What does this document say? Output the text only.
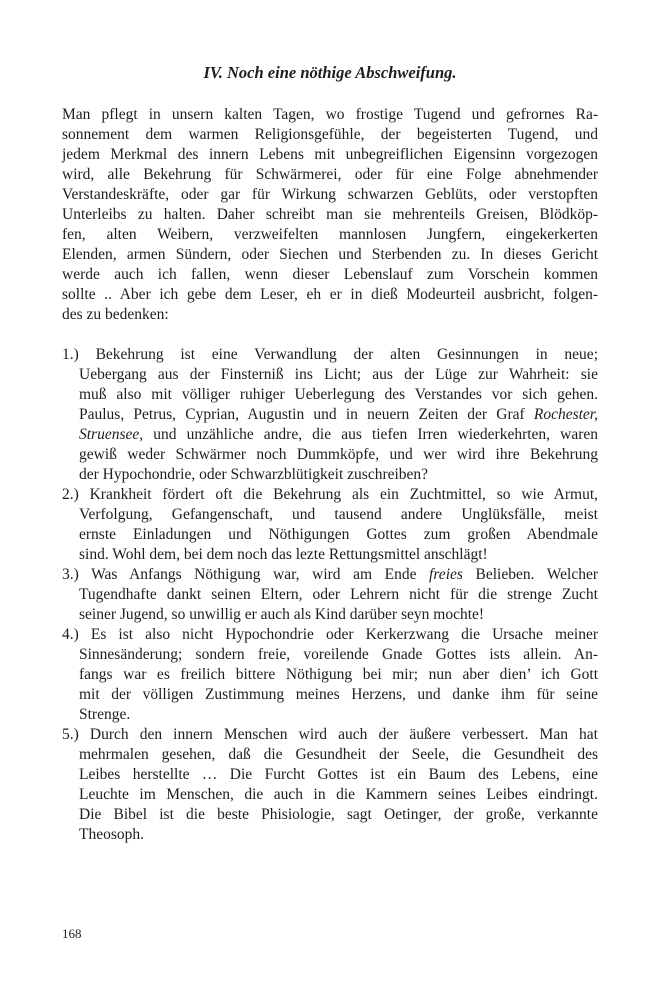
IV. Noch eine nöthige Abschweifung.
Man pflegt in unsern kalten Tagen, wo frostige Tugend und gefrornes Ra-
sonnement dem warmen Religionsgefühle, der begeisterten Tugend, und
jedem Merkmal des innern Lebens mit unbegreiflichen Eigensinn vorgezogen
wird, alle Bekehrung für Schwärmerei, oder für eine Folge abnehmender
Verstandeskräfte, oder gar für Wirkung schwarzen Geblüts, oder verstopften
Unterleibs zu halten. Daher schreibt man sie mehrenteils Greisen, Blödköp-
fen, alten Weibern, verzweifelten mannlosen Jungfern, eingekerkerten
Elenden, armen Sündern, oder Siechen und Sterbenden zu. In dieses Gericht
werde auch ich fallen, wenn dieser Lebenslauf zum Vorschein kommen
sollte .. Aber ich gebe dem Leser, eh er in dieß Modeurteil ausbricht, folgen-
des zu bedenken:
1.) Bekehrung ist eine Verwandlung der alten Gesinnungen in neue;
Uebergang aus der Finsterniß ins Licht; aus der Lüge zur Wahrheit: sie
muß also mit völliger ruhiger Ueberlegung des Verstandes vor sich gehen.
Paulus, Petrus, Cyprian, Augustin und in neuern Zeiten der Graf Rochester,
Struensee, und unzähliche andre, die aus tiefen Irren wiederkehrten, waren
gewiß weder Schwärmer noch Dummköpfe, und wer wird ihre Bekehrung
der Hypochondrie, oder Schwarzblütigkeit zuschreiben?
2.) Krankheit fördert oft die Bekehrung als ein Zuchtmittel, so wie Armut,
Verfolgung, Gefangenschaft, und tausend andere Unglüksfälle, meist
ernste Einladungen und Nöthigungen Gottes zum großen Abendmale
sind. Wohl dem, bei dem noch das lezte Rettungsmittel anschlägt!
3.) Was Anfangs Nöthigung war, wird am Ende freies Belieben. Welcher
Tugendhafte dankt seinen Eltern, oder Lehrern nicht für die strenge Zucht
seiner Jugend, so unwillig er auch als Kind darüber seyn mochte!
4.) Es ist also nicht Hypochondrie oder Kerkerzwang die Ursache meiner
Sinnesänderung; sondern freie, voreilende Gnade Gottes ists allein. An-
fangs war es freilich bittere Nöthigung bei mir; nun aber dien’ ich Gott
mit der völligen Zustimmung meines Herzens, und danke ihm für seine
Strenge.
5.) Durch den innern Menschen wird auch der äußere verbessert. Man hat
mehrmalen gesehen, daß die Gesundheit der Seele, die Gesundheit des
Leibes herstellte … Die Furcht Gottes ist ein Baum des Lebens, eine
Leuchte im Menschen, die auch in die Kammern seines Leibes eindringt.
Die Bibel ist die beste Phisiologie, sagt Oetinger, der große, verkannte
Theosoph.
168
